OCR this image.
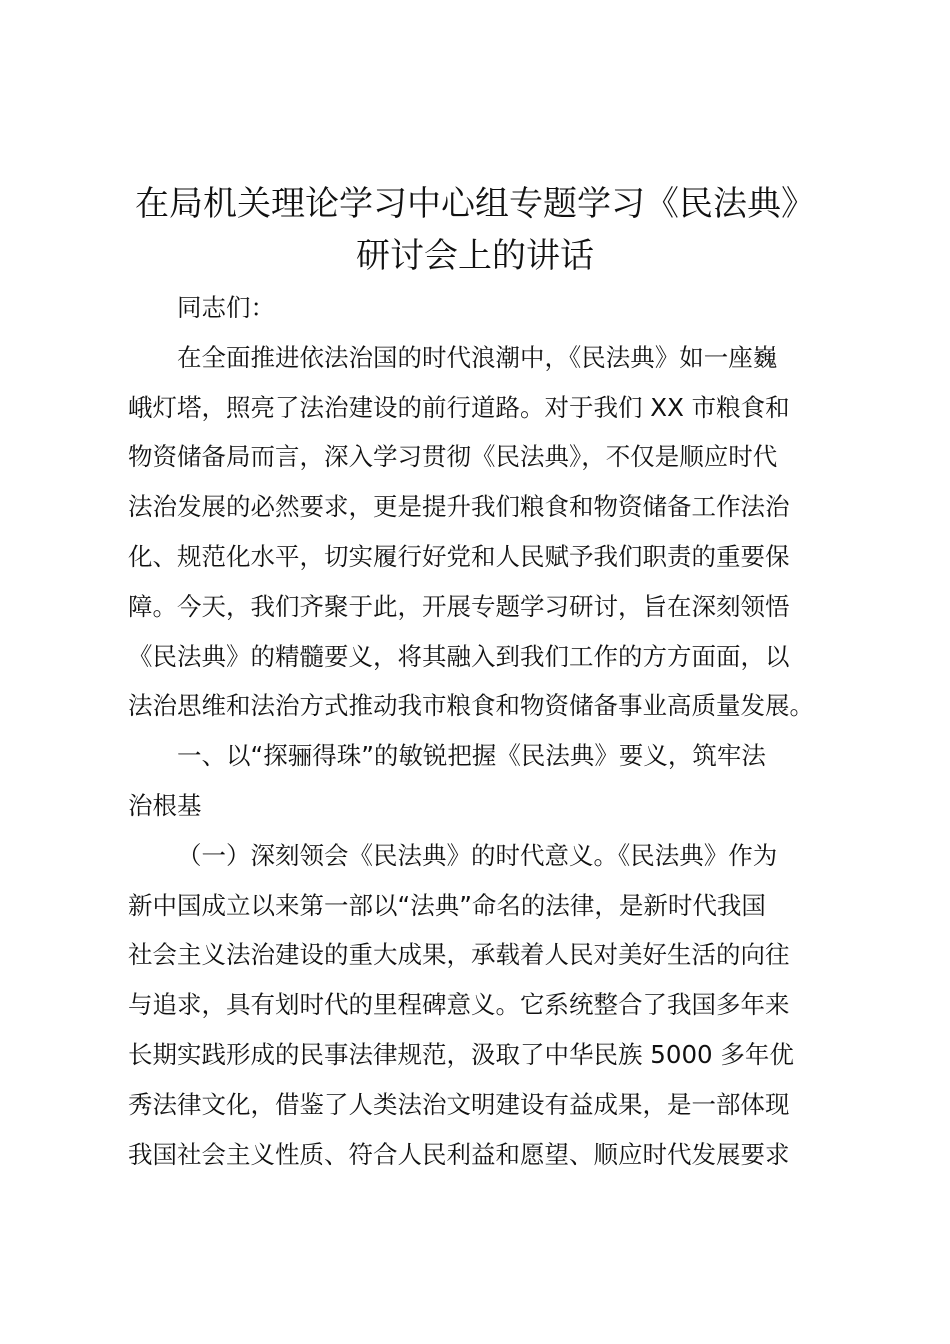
在局机关理论学习中心组专题学习《民法典》
研讨会上的讲话
同志们：
在全面推进依法治国的时代浪潮中，《民法典》如一座巍
峨灯塔，照亮了法治建设的前行道路。对于我们 XX 市粮食和
物资储备局而言，深入学习贯彻《民法典》，不仅是顺应时代
法治发展的必然要求，更是提升我们粮食和物资储备工作法治
化、规范化水平，切实履行好党和人民赋予我们职责的重要保
障。今天，我们齐聚于此，开展专题学习研讨，旨在深刻领悟
《民法典》的精髓要义，将其融入到我们工作的方方面面，以
法治思维和法治方式推动我市粮食和物资储备事业高质量发展。
一、以“探骊得珠”的敏锐把握《民法典》要义，筑牢法
治根基
（一）深刻领会《民法典》的时代意义。《民法典》作为
新中国成立以来第一部以“法典”命名的法律，是新时代我国
社会主义法治建设的重大成果，承载着人民对美好生活的向往
与追求，具有划时代的里程碑意义。它系统整合了我国多年来
长期实践形成的民事法律规范，汲取了中华民族 5000 多年优
秀法律文化，借鉴了人类法治文明建设有益成果，是一部体现
我国社会主义性质、符合人民利益和愿望、顺应时代发展要求
